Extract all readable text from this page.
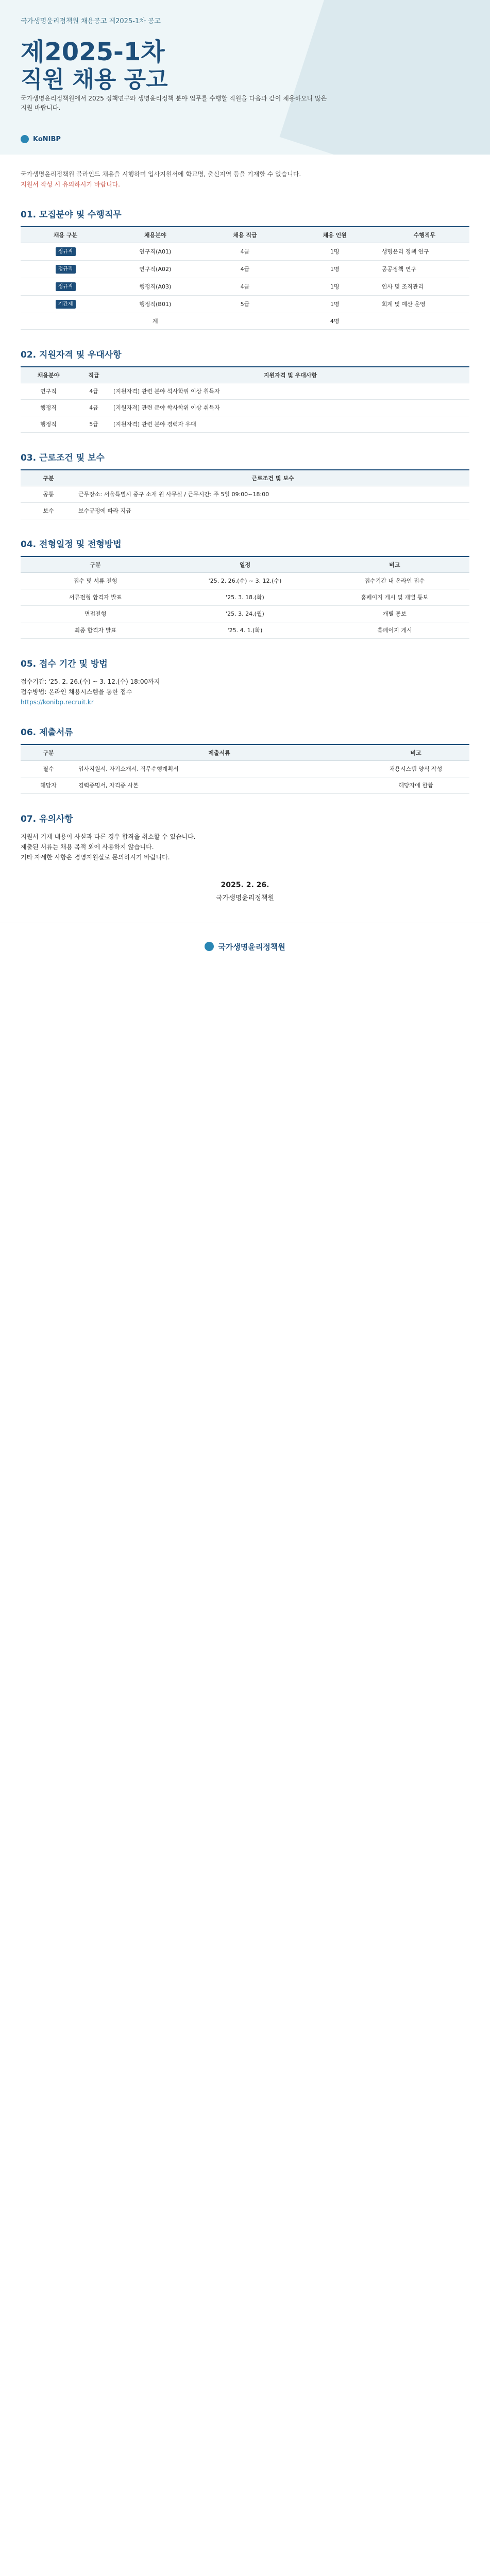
국가생명윤리정책원 채용공고 제2025-1차 공고
제2025-1차
직원 채용 공고
국가생명윤리정책원에서 2025 정책연구와 생명윤리정책 분야 업무를 수행할 직원을 다음과 같이 채용하오니 많은 지원 바랍니다.
KoNIBP
국가생명윤리정책원 블라인드 채용을 시행하며 입사지원서에 학교명, 출신지역 등을 기재할 수 없습니다.
지원서 작성 시 유의하시기 바랍니다.
01. 모집분야 및 수행직무
채용 구분	채용분야	채용 직급	채용 인원	수행직무
정규직	연구직(A01)	4급	1명	생명윤리 정책 연구
정규직	연구직(A02)	4급	1명	공공정책 연구
정규직	행정직(A03)	4급	1명	인사 및 조직관리
기간제	행정직(B01)	5급	1명	회계 및 예산 운영
계			4명	
02. 지원자격 및 우대사항
채용분야	직급	지원자격 및 우대사항
연구직	4급	[지원자격] 관련 분야 석사학위 이상 취득자
행정직	4급	[지원자격] 관련 분야 학사학위 이상 취득자
행정직	5급	[지원자격] 관련 분야 경력자 우대
03. 근로조건 및 보수
구분	근로조건 및 보수
공통	근무장소: 서울특별시 중구 소재 원 사무실 / 근무시간: 주 5일 09:00~18:00
보수	보수규정에 따라 지급
04. 전형일정 및 전형방법
구분	일정	비고
접수 및 서류 전형	'25. 2. 26.(수) ~ 3. 12.(수)	접수기간 내 온라인 접수
서류전형 합격자 발표	'25. 3. 18.(화)	홈페이지 게시 및 개별 통보
면접전형	'25. 3. 24.(월)	개별 통보
최종 합격자 발표	'25. 4. 1.(화)	홈페이지 게시
05. 접수 기간 및 방법
접수기간: '25. 2. 26.(수) ~ 3. 12.(수) 18:00까지
접수방법: 온라인 채용시스템을 통한 접수
https://konibp.recruit.kr
06. 제출서류
구분	제출서류	비고
필수	입사지원서, 자기소개서, 직무수행계획서	채용시스템 양식 작성
해당자	경력증명서, 자격증 사본	해당자에 한함
07. 유의사항
지원서 기재 내용이 사실과 다른 경우 합격을 취소할 수 있습니다.
제출된 서류는 채용 목적 외에 사용하지 않습니다.
기타 자세한 사항은 경영지원실로 문의하시기 바랍니다.
2025. 2. 26.
국가생명윤리정책원
국가생명윤리정책원
